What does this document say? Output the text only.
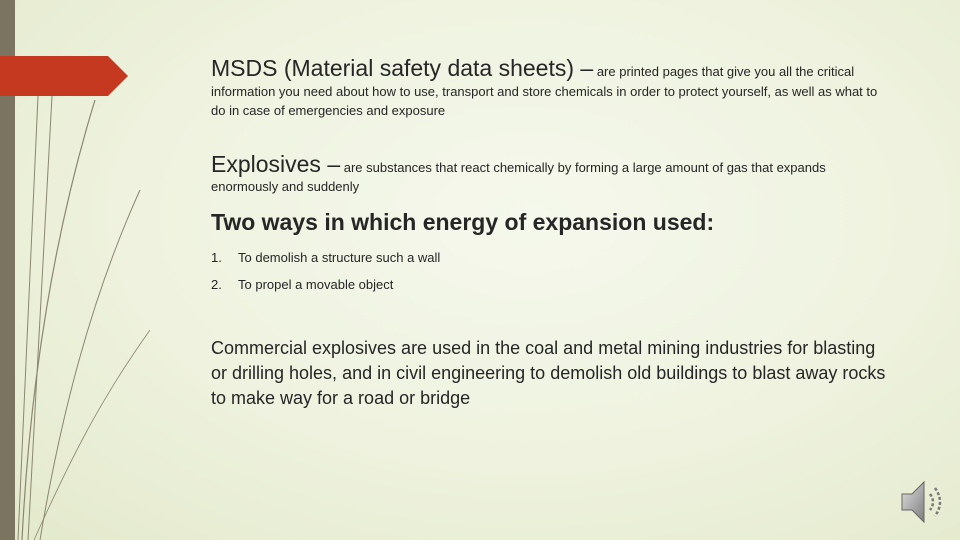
MSDS (Material safety data sheets) – are printed pages that give you all the critical information you need about how to use, transport and store chemicals in order to protect yourself, as well as what to do in case of emergencies and exposure

Explosives – are substances that react chemically by forming a large amount of gas that expands enormously and suddenly

Two ways in which energy of expansion used:
1.	To demolish a structure such a wall
2.	To propel a movable object

Commercial explosives are used in the coal and metal mining industries for blasting or drilling holes, and in civil engineering to demolish old buildings to blast away rocks to make way for a road or bridge
